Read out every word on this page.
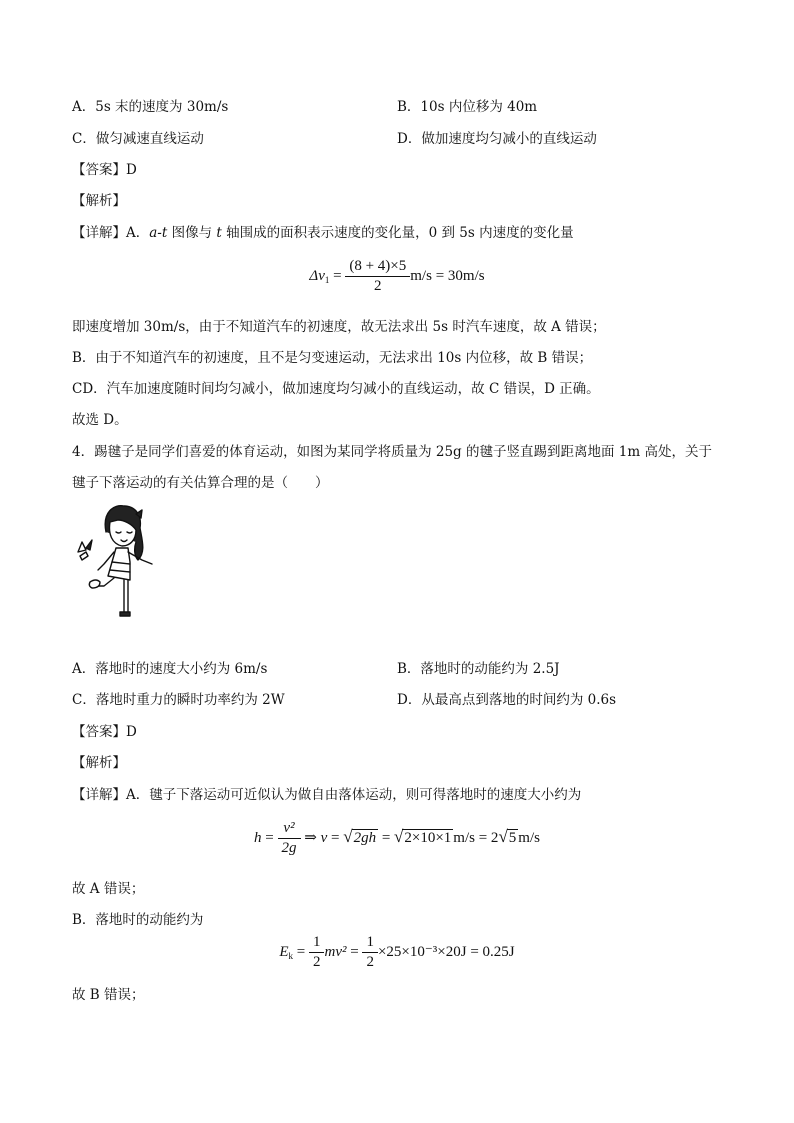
A．5s 末的速度为 30m/s	B．10s 内位移为 40m
C．做匀减速直线运动	D．做加速度均匀减小的直线运动
【答案】D
【解析】
【详解】A．a-t 图像与 t 轴围成的面积表示速度的变化量，0 到 5s 内速度的变化量
$\Delta v_1 = \frac{(8 + 4)\times 5}{2} m/s = 30m/s$
即速度增加 30m/s，由于不知道汽车的初速度，故无法求出 5s 时汽车速度，故 A 错误；
B．由于不知道汽车的初速度，且不是匀变速运动，无法求出 10s 内位移，故 B 错误；
CD．汽车加速度随时间均匀减小，做加速度均匀减小的直线运动，故 C 错误，D 正确。
故选 D。
4．踢毽子是同学们喜爱的体育运动，如图为某同学将质量为 25g 的毽子竖直踢到距离地面 1m 高处，关于
毽子下落运动的有关估算合理的是（　　）
A．落地时的速度大小约为 6m/s	B．落地时的动能约为 2.5J
C．落地时重力的瞬时功率约为 2W	D．从最高点到落地的时间约为 0.6s
【答案】D
【解析】
【详解】A．毽子下落运动可近似认为做自由落体运动，则可得落地时的速度大小约为
$h = \frac{\text{v²}}{2g}$ ⇒ v = √2gh = √2×10×1 m/s = 2√5 m/s
故 A 错误；
B．落地时的动能约为
$E_k = \frac{1}{2} mv^2 = \frac{1}{2} \times 25\times 10^{-3}\times 20J = 0.25J$
故 B 错误；
